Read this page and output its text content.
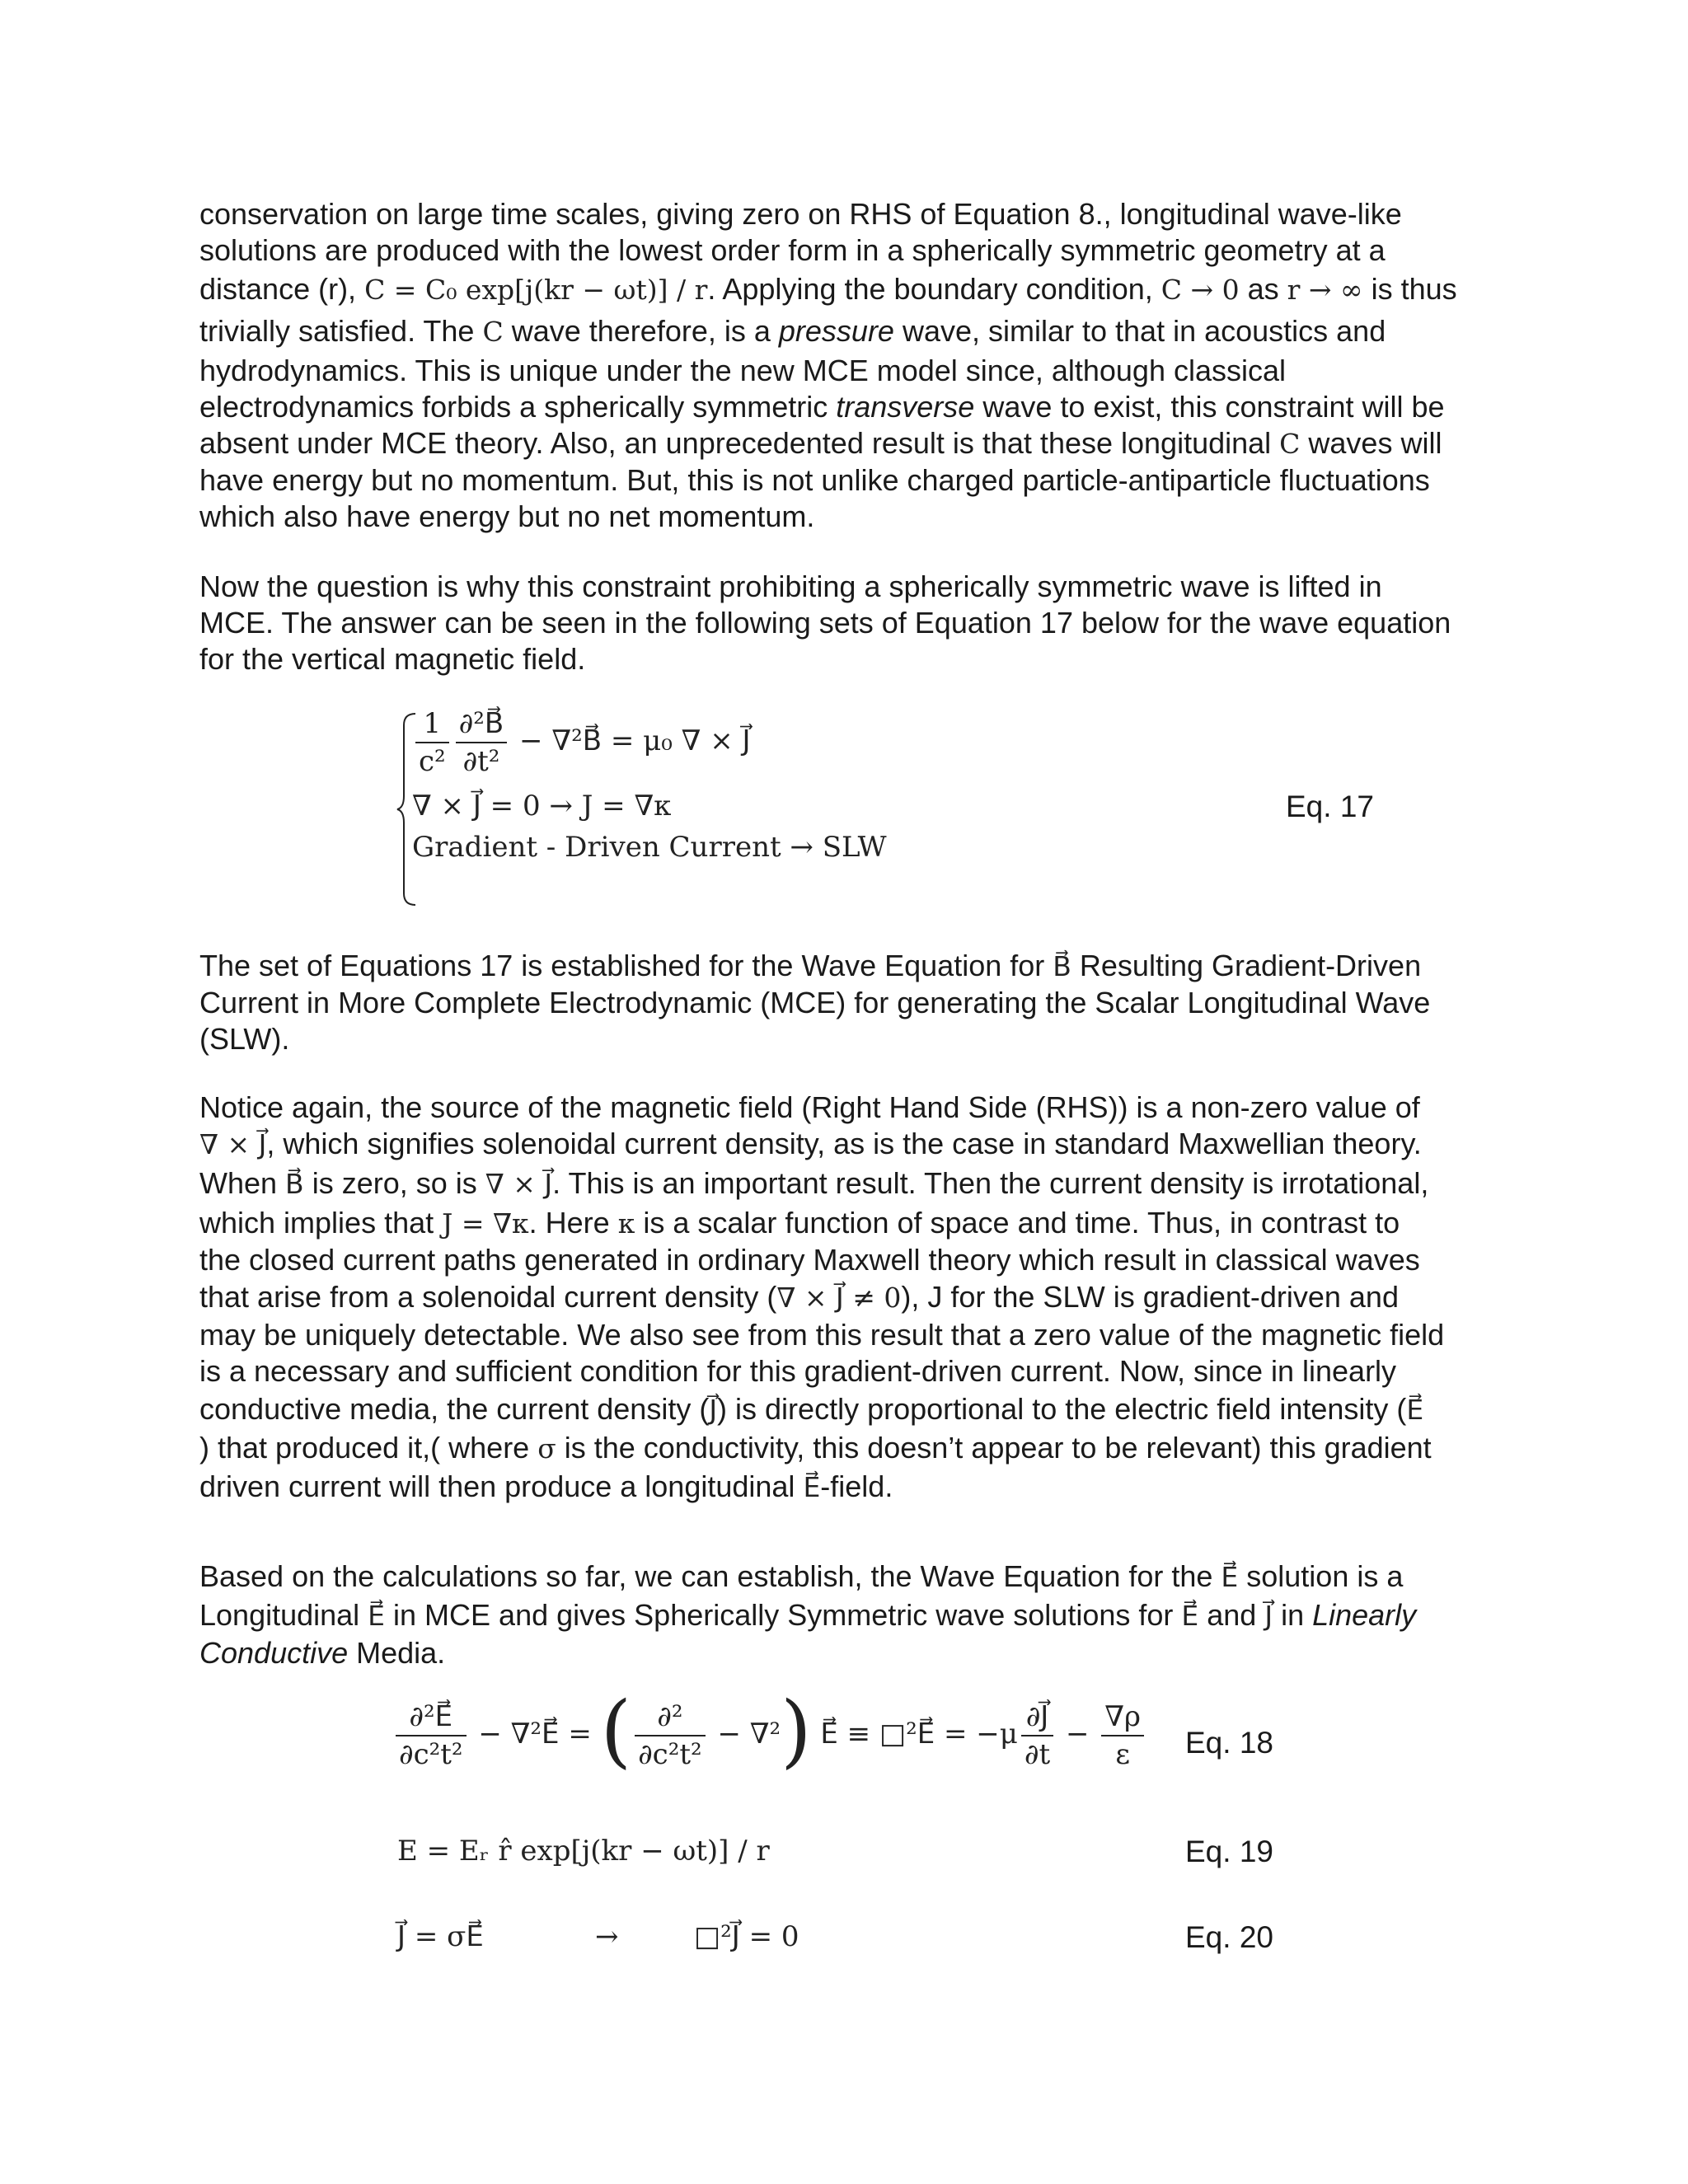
conservation on large time scales, giving zero on RHS of Equation 8., longitudinal wave-like
solutions are produced with the lowest order form in a spherically symmetric geometry at a
distance (r), C = C₀ exp[j(kr − ωt)] / r. Applying the boundary condition, C → 0 as r → ∞ is thus
trivially satisfied. The C wave therefore, is a pressure wave, similar to that in acoustics and
hydrodynamics. This is unique under the new MCE model since, although classical
electrodynamics forbids a spherically symmetric transverse wave to exist, this constraint will be
absent under MCE theory. Also, an unprecedented result is that these longitudinal C waves will
have energy but no momentum. But, this is not unlike charged particle-antiparticle fluctuations
which also have energy but no net momentum.
Now the question is why this constraint prohibiting a spherically symmetric wave is lifted in
MCE. The answer can be seen in the following sets of Equation 17 below for the wave equation
for the vertical magnetic field.
$\frac{1}{\text{c²}} \frac{\text{∂²B⃗}}{\text{∂t²}}$ − ∇²B⃗ = μ₀ ∇ × J⃗
∇ × J⃗ = 0 → J = ∇κ
Gradient - Driven Current → SLW
Eq. 17
The set of Equations 17 is established for the Wave Equation for B⃗ Resulting Gradient-Driven
Current in More Complete Electrodynamic (MCE) for generating the Scalar Longitudinal Wave
(SLW).
Notice again, the source of the magnetic field (Right Hand Side (RHS)) is a non-zero value of
∇ × J⃗, which signifies solenoidal current density, as is the case in standard Maxwellian theory.
When B⃗ is zero, so is ∇ × J⃗. This is an important result. Then the current density is irrotational,
which implies that J = ∇κ. Here κ is a scalar function of space and time. Thus, in contrast to
the closed current paths generated in ordinary Maxwell theory which result in classical waves
that arise from a solenoidal current density (∇ × J⃗ ≠ 0), J for the SLW is gradient-driven and
may be uniquely detectable. We also see from this result that a zero value of the magnetic field
is a necessary and sufficient condition for this gradient-driven current. Now, since in linearly
conductive media, the current density (J⃗) is directly proportional to the electric field intensity (E⃗
) that produced it,( where σ is the conductivity, this doesn’t appear to be relevant) this gradient
driven current will then produce a longitudinal E⃗-field.
Based on the calculations so far, we can establish, the Wave Equation for the E⃗ solution is a
Longitudinal E⃗ in MCE and gives Spherically Symmetric wave solutions for E⃗ and J⃗ in Linearly
Conductive Media.
$\frac{\text{∂²E⃗}}{\text{∂c²t²}}$ − ∇²E⃗ = ( $\frac{\text{∂²}}{\text{∂c²t²}} - \nabla^2$) E⃗ ≡ □²E⃗ = $-\mu \frac{\partial J⃗}{\partial t} - \frac{\nabla\rho}{\varepsilon} Eq$. 18
E = Eᵣ r̂ exp[j(kr − ωt)] / r	Eq. 19
J⃗ = σE⃗	→	□²J⃗ = 0	Eq. 20
